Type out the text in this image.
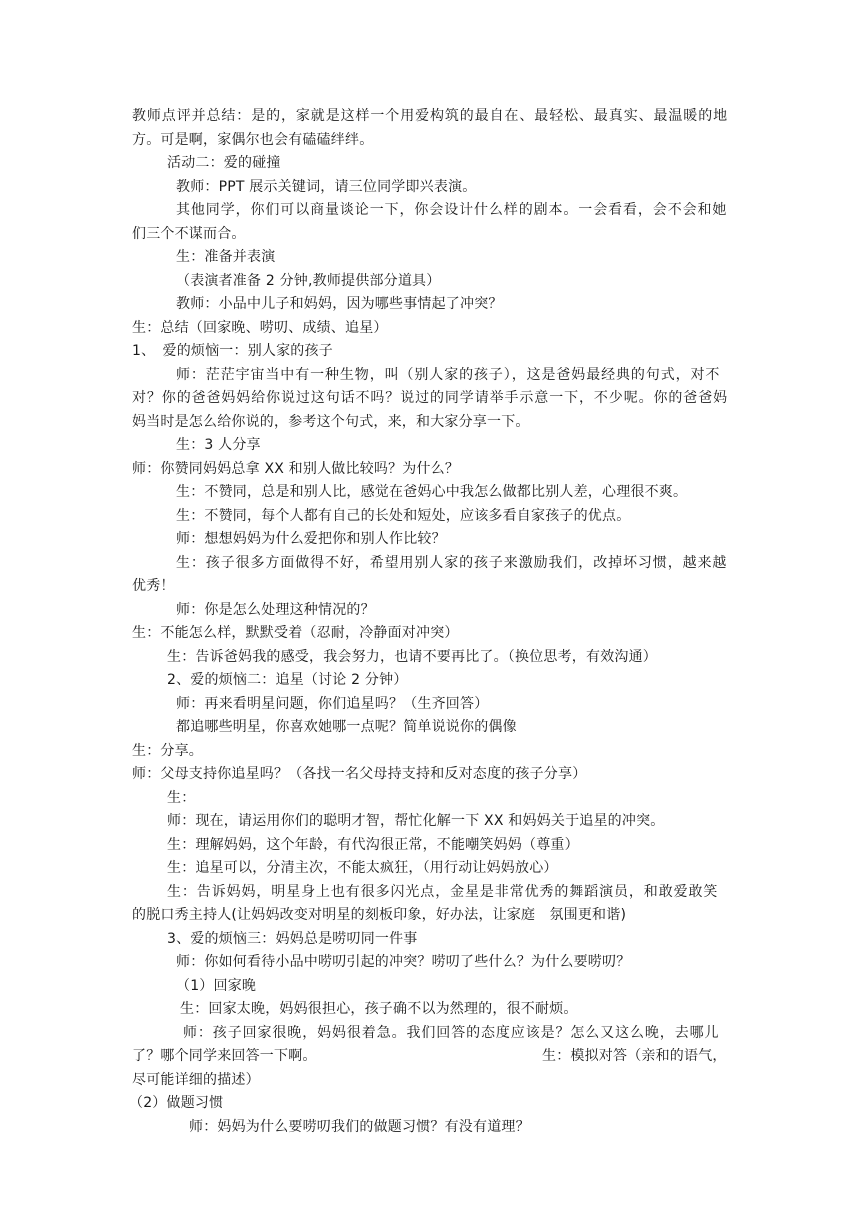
教师点评并总结：是的，家就是这样一个用爱构筑的最自在、最轻松、最真实、最温暖的地
方。可是啊，家偶尔也会有磕磕绊绊。
活动二：爱的碰撞
教师：PPT 展示关键词，请三位同学即兴表演。
其他同学，你们可以商量谈论一下，你会设计什么样的剧本。一会看看，会不会和她
们三个不谋而合。
生：准备并表演
（表演者准备 2 分钟,教师提供部分道具）
教师：小品中儿子和妈妈，因为哪些事情起了冲突？
生：总结（回家晚、唠叨、成绩、追星）
1、　爱的烦恼一：别人家的孩子
师：茫茫宇宙当中有一种生物，叫（别人家的孩子），这是爸妈最经典的句式，对不
对？你的爸爸妈妈给你说过这句话不吗？说过的同学请举手示意一下，不少呢。你的爸爸妈
妈当时是怎么给你说的，参考这个句式，来，和大家分享一下。
生：3 人分享
师：你赞同妈妈总拿 XX 和别人做比较吗？为什么？
生：不赞同，总是和别人比，感觉在爸妈心中我怎么做都比别人差，心理很不爽。
生：不赞同，每个人都有自己的长处和短处，应该多看自家孩子的优点。
师：想想妈妈为什么爱把你和别人作比较？
生：孩子很多方面做得不好，希望用别人家的孩子来激励我们，改掉坏习惯，越来越
优秀！
师：你是怎么处理这种情况的？
生：不能怎么样，默默受着（忍耐，冷静面对冲突）
生：告诉爸妈我的感受，我会努力，也请不要再比了。（换位思考，有效沟通）
2、爱的烦恼二：追星（讨论 2 分钟）
师：再来看明星问题，你们追星吗？（生齐回答）
都追哪些明星，你喜欢她哪一点呢？简单说说你的偶像
生：分享。
师：父母支持你追星吗？（各找一名父母持支持和反对态度的孩子分享）
生：
师：现在，请运用你们的聪明才智，帮忙化解一下 XX 和妈妈关于追星的冲突。
生：理解妈妈，这个年龄，有代沟很正常，不能嘲笑妈妈（尊重）
生：追星可以，分清主次，不能太疯狂，（用行动让妈妈放心）
生：告诉妈妈，明星身上也有很多闪光点，金星是非常优秀的舞蹈演员，和敢爱敢笑
的脱口秀主持人(让妈妈改变对明星的刻板印象，好办法，让家庭　氛围更和谐)
3、爱的烦恼三：妈妈总是唠叨同一件事
师：你如何看待小品中唠叨引起的冲突？唠叨了些什么？为什么要唠叨？
（1）回家晚
生：回家太晚，妈妈很担心，孩子确不以为然理的，很不耐烦。
师：孩子回家很晚，妈妈很着急。我们回答的态度应该是？怎么又这么晚，去哪儿
了？哪个同学来回答一下啊。	生：模拟对答（亲和的语气，
尽可能详细的描述）
（2）做题习惯
师：妈妈为什么要唠叨我们的做题习惯？有没有道理？
